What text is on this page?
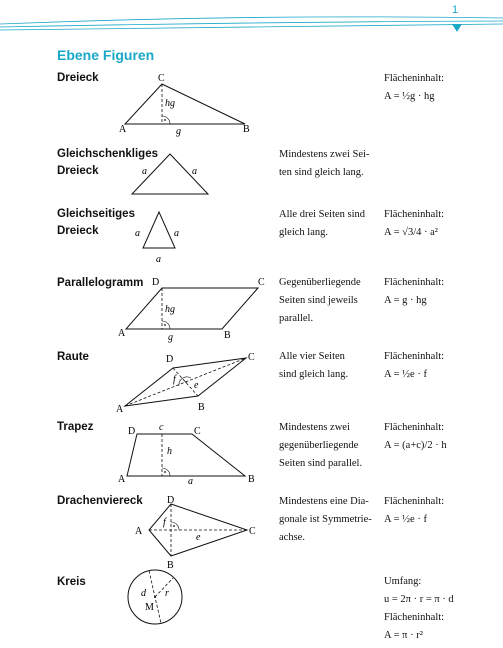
1
Ebene Figuren
Dreieck
A	B
C
g
hg
Flächeninhalt:
A = ½g · hg
Gleichschenkliges
Dreieck	a	a
Mindestens zwei Sei-
ten sind gleich lang.
Gleichseitiges
Dreieck	a	a
a
Alle drei Seiten sind
gleich lang.
Flächeninhalt:
A = √3/4 · a²
Parallelogramm
A	B
C
D
g
hg
Gegenüberliegende
Seiten sind jeweils
parallel.
Flächeninhalt:
A = g · hg
Raute
A	B
C
D
e
f
Alle vier Seiten
sind gleich lang.
Flächeninhalt:
A = ½e · f
Trapez
A	B
C
D
a
c
h
Mindestens zwei
gegenüberliegende
Seiten sind parallel.
Flächeninhalt:
A = (a+c)/2 · h
Drachenviereck
A
B
C
D
e
f
Mindestens eine Dia-
gonale ist Symmetrie-
achse.
Flächeninhalt:
A = ½e · f
Kreis
d r
M
Umfang:
u = 2π · r = π · d
Flächeninhalt:
A = π · r²
